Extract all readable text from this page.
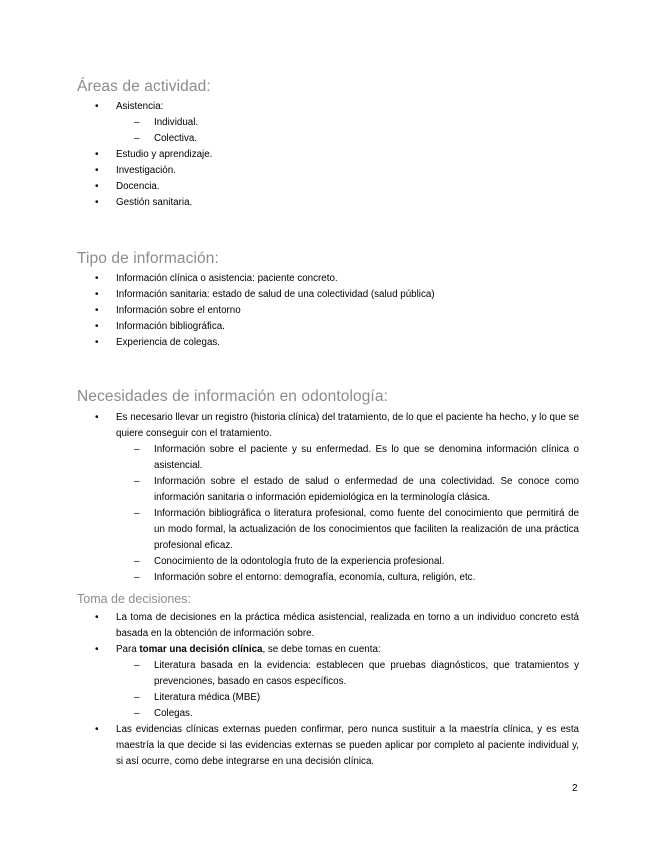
Áreas de actividad:
• Asistencia:
– Individual.
– Colectiva.
• Estudio y aprendizaje.
• Investigación.
• Docencia.
• Gestión sanitaria.
Tipo de información:
• Información clínica o asistencia: paciente concreto.
• Información sanitaria: estado de salud de una colectividad (salud pública)
• Información sobre el entorno
• Información bibliográfica.
• Experiencia de colegas.
Necesidades de información en odontología:
• Es necesario llevar un registro (historia clínica) del tratamiento, de lo que el paciente ha hecho, y lo que se quiere conseguir con el tratamiento.
– Información sobre el paciente y su enfermedad. Es lo que se denomina información clínica o asistencial.
– Información sobre el estado de salud o enfermedad de una colectividad. Se conoce como información sanitaria o información epidemiológica en la terminología clásica.
– Información bibliográfica o literatura profesional, como fuente del conocimiento que permitirá de un modo formal, la actualización de los conocimientos que faciliten la realización de una práctica profesional eficaz.
– Conocimiento de la odontología fruto de la experiencia profesional.
– Información sobre el entorno: demografía, economía, cultura, religión, etc.
Toma de decisiones:
• La toma de decisiones en la práctica médica asistencial, realizada en torno a un individuo concreto está basada en la obtención de información sobre.
• Para tomar una decisión clínica, se debe tomas en cuenta:
– Literatura basada en la evidencia: establecen que pruebas diagnósticos, que tratamientos y prevenciones, basado en casos específicos.
– Literatura médica (MBE)
– Colegas.
• Las evidencias clínicas externas pueden confirmar, pero nunca sustituir a la maestría clínica, y es esta maestría la que decide si las evidencias externas se pueden aplicar por completo al paciente individual y, si así ocurre, como debe integrarse en una decisión clínica.
2
